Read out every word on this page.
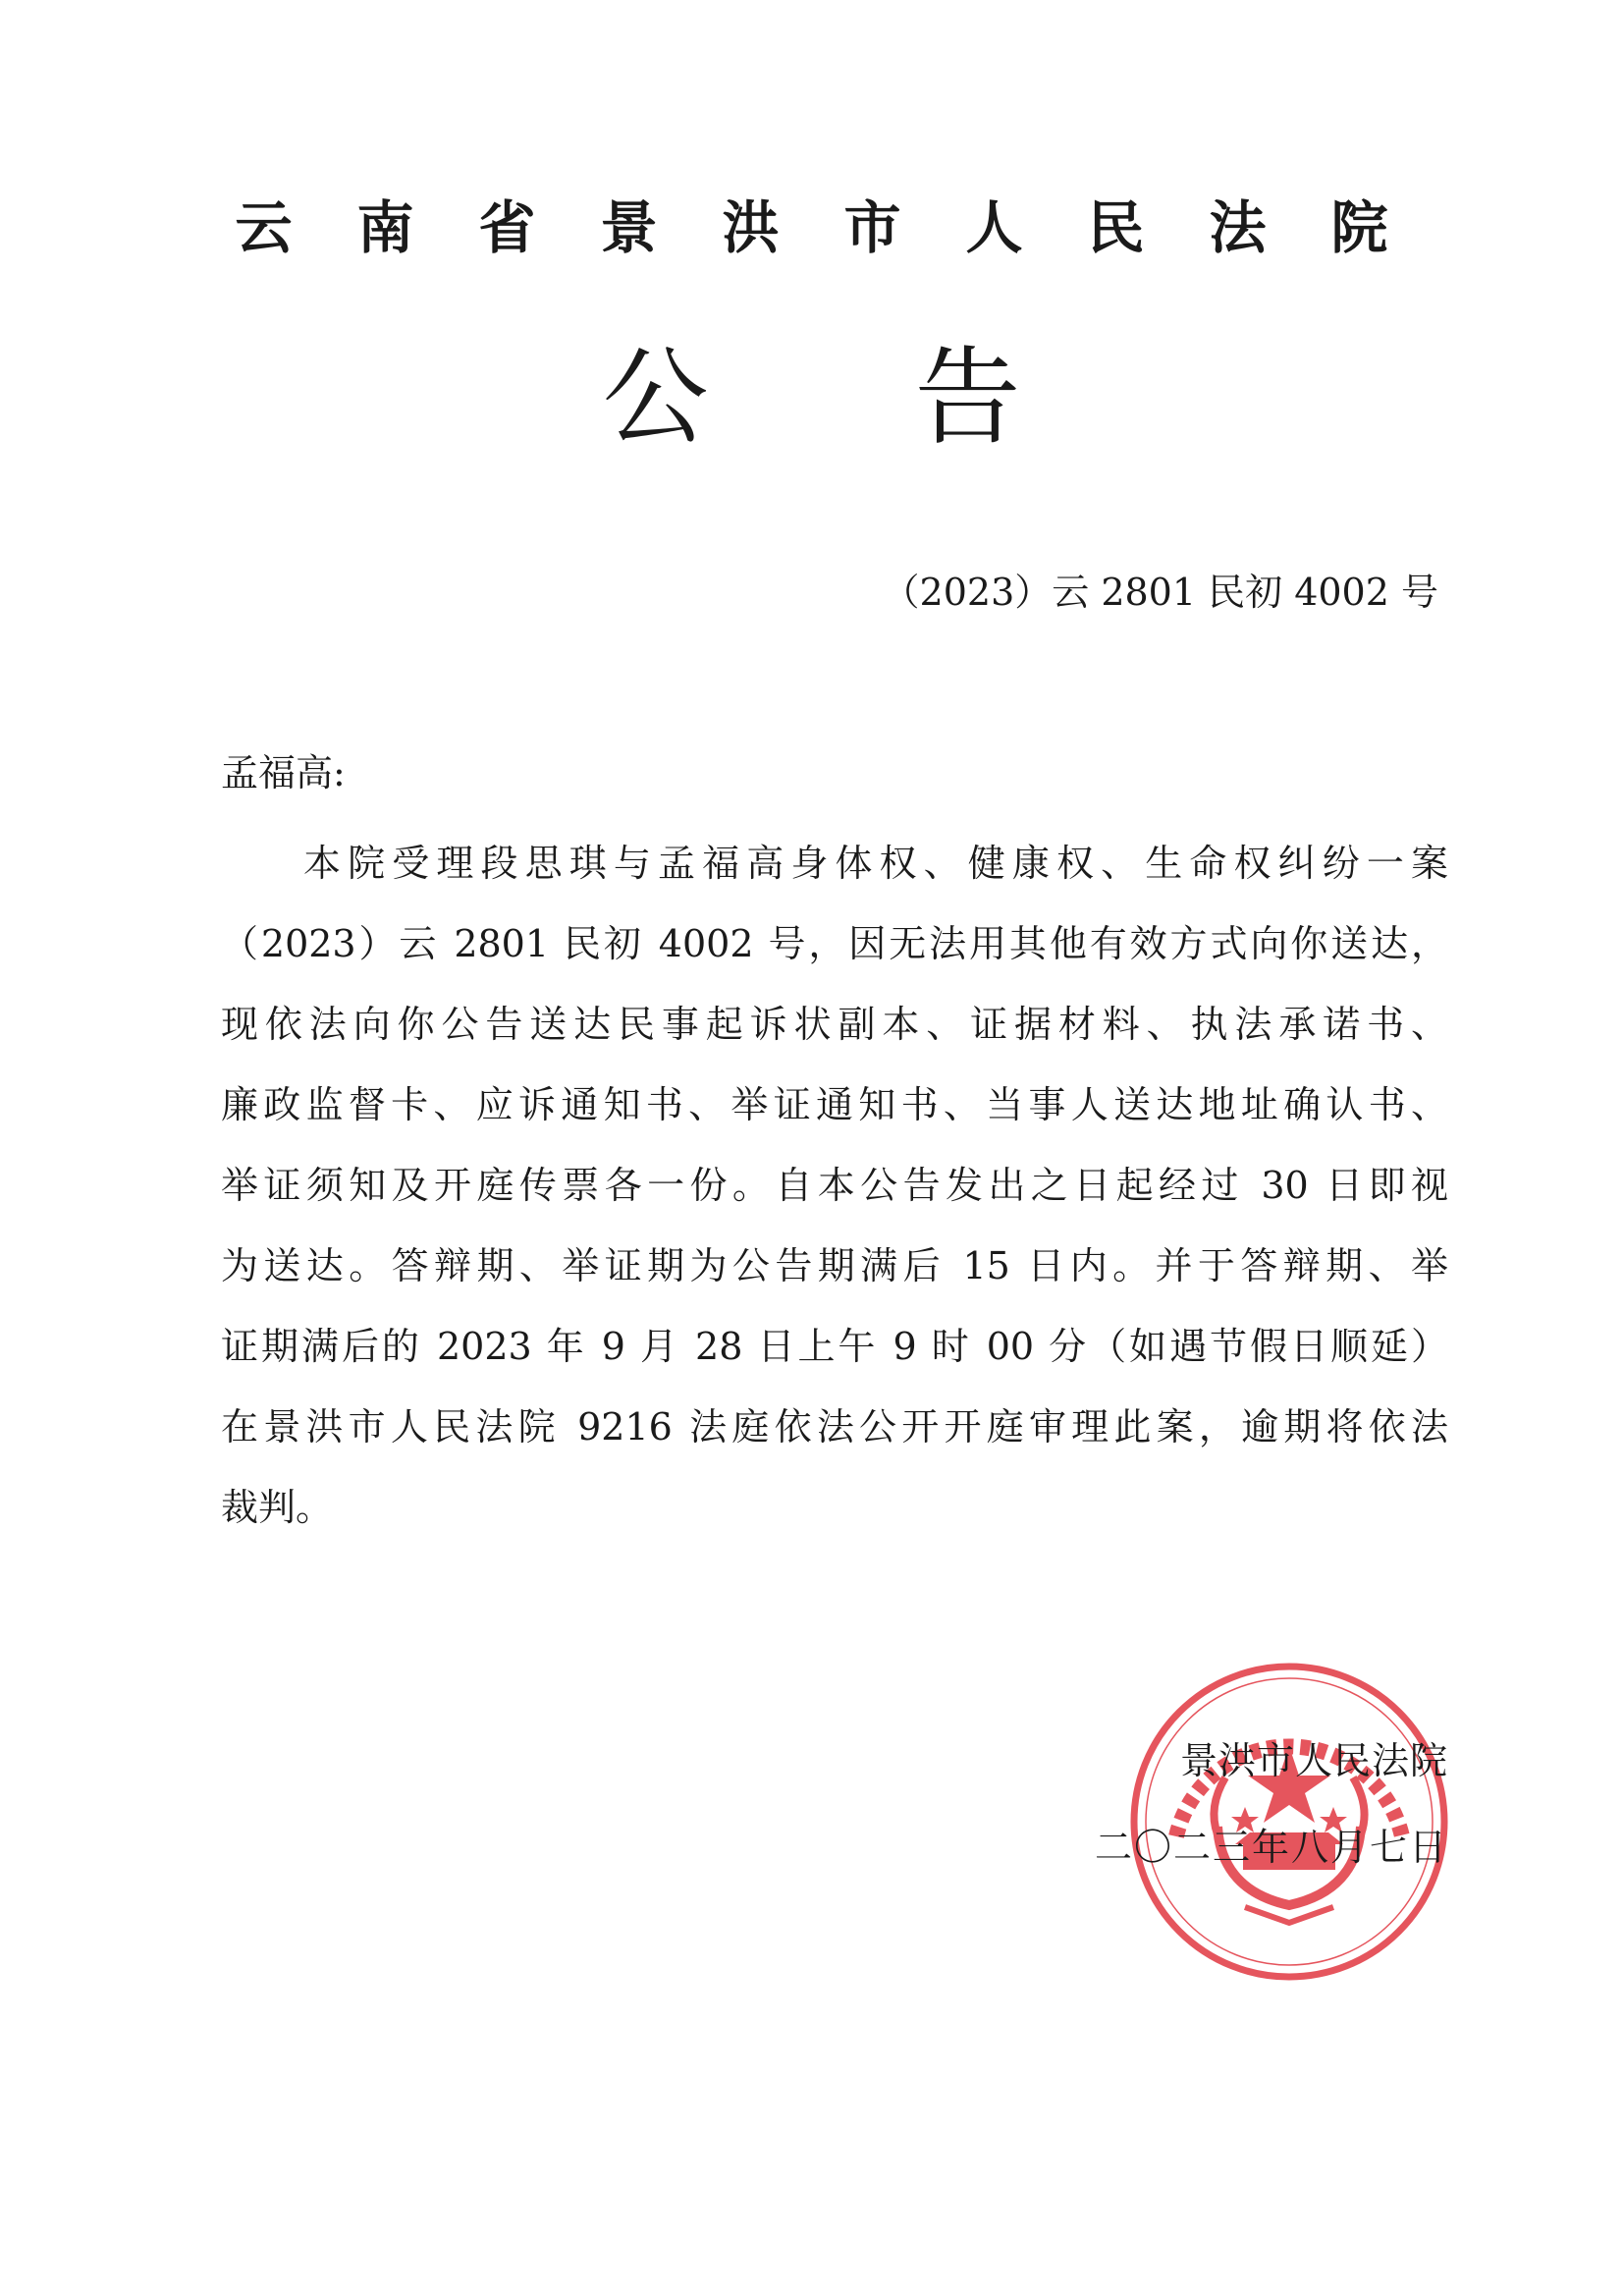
云南省景洪市人民法院
公告
（2023）云 2801 民初 4002 号
孟福高:
本院受理段思琪与孟福高身体权、健康权、生命权纠纷一案
（2023）云 2801 民初 4002 号，因无法用其他有效方式向你送达，
现依法向你公告送达民事起诉状副本、证据材料、执法承诺书、
廉政监督卡、应诉通知书、举证通知书、当事人送达地址确认书、
举证须知及开庭传票各一份。自本公告发出之日起经过 30 日即视
为送达。答辩期、举证期为公告期满后 15 日内。并于答辩期、举
证期满后的 2023 年 9 月 28 日上午 9 时 00 分（如遇节假日顺延）
在景洪市人民法院 9216 法庭依法公开开庭审理此案，逾期将依法
裁判。
景洪市人民法院
二〇二三年八月七日
